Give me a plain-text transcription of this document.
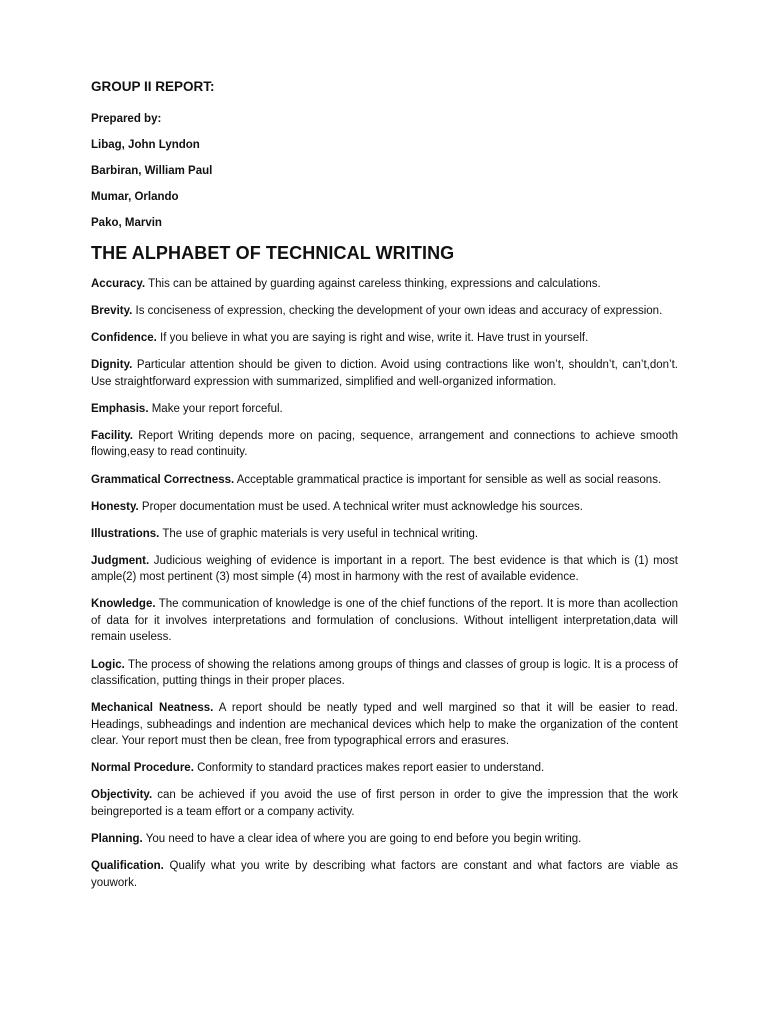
GROUP II REPORT:
Prepared by:
Libag, John Lyndon
Barbiran, William Paul
Mumar, Orlando
Pako, Marvin
THE ALPHABET OF TECHNICAL WRITING

Accuracy. This can be attained by guarding against careless thinking, expressions and calculations.

Brevity. Is conciseness of expression, checking the development of your own ideas and accuracy of expression.

Confidence. If you believe in what you are saying is right and wise, write it. Have trust in yourself.

Dignity. Particular attention should be given to diction. Avoid using contractions like won’t, shouldn’t, can’t,don’t. Use straightforward expression with summarized, simplified and well-organized information.

Emphasis. Make your report forceful.

Facility. Report Writing depends more on pacing, sequence, arrangement and connections to achieve smooth flowing,easy to read continuity.

Grammatical Correctness. Acceptable grammatical practice is important for sensible as well as social reasons.

Honesty. Proper documentation must be used. A technical writer must acknowledge his sources.

Illustrations. The use of graphic materials is very useful in technical writing.

Judgment. Judicious weighing of evidence is important in a report. The best evidence is that which is (1) most ample(2) most pertinent (3) most simple (4) most in harmony with the rest of available evidence.

Knowledge. The communication of knowledge is one of the chief functions of the report. It is more than acollection of data for it involves interpretations and formulation of conclusions. Without intelligent interpretation,data will remain useless.

Logic. The process of showing the relations among groups of things and classes of group is logic. It is a process of classification, putting things in their proper places.

Mechanical Neatness. A report should be neatly typed and well margined so that it will be easier to read. Headings, subheadings and indention are mechanical devices which help to make the organization of the content clear. Your report must then be clean, free from typographical errors and erasures.

Normal Procedure. Conformity to standard practices makes report easier to understand.

Objectivity. can be achieved if you avoid the use of first person in order to give the impression that the work beingreported is a team effort or a company activity.

Planning. You need to have a clear idea of where you are going to end before you begin writing.

Qualification. Qualify what you write by describing what factors are constant and what factors are viable as youwork.
